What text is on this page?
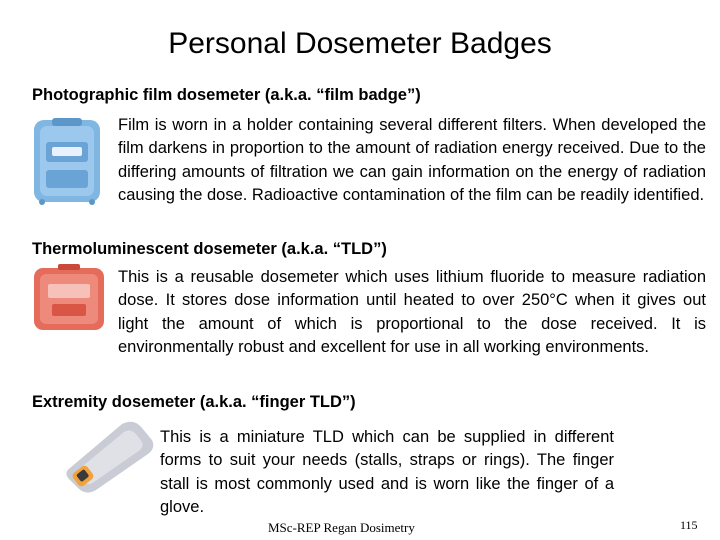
Personal Dosemeter Badges
Photographic film dosemeter (a.k.a. “film badge”)
Film is worn in a holder containing several different filters. When developed the film darkens in proportion to the amount of radiation energy received. Due to the differing amounts of filtration we can gain information on the energy of radiation causing the dose. Radioactive contamination of the film can be readily identified.
Thermoluminescent dosemeter (a.k.a. “TLD”)
This is a reusable dosemeter which uses lithium fluoride to measure radiation dose. It stores dose information until heated to over 250°C when it gives out light the amount of which is proportional to the dose received. It is environmentally robust and excellent for use in all working environments.
Extremity dosemeter (a.k.a. “finger TLD”)
This is a miniature TLD which can be supplied in different forms to suit your needs (stalls, straps or rings). The finger stall is most commonly used and is worn like the finger of a glove.
MSc-REP Regan Dosimetry	115
